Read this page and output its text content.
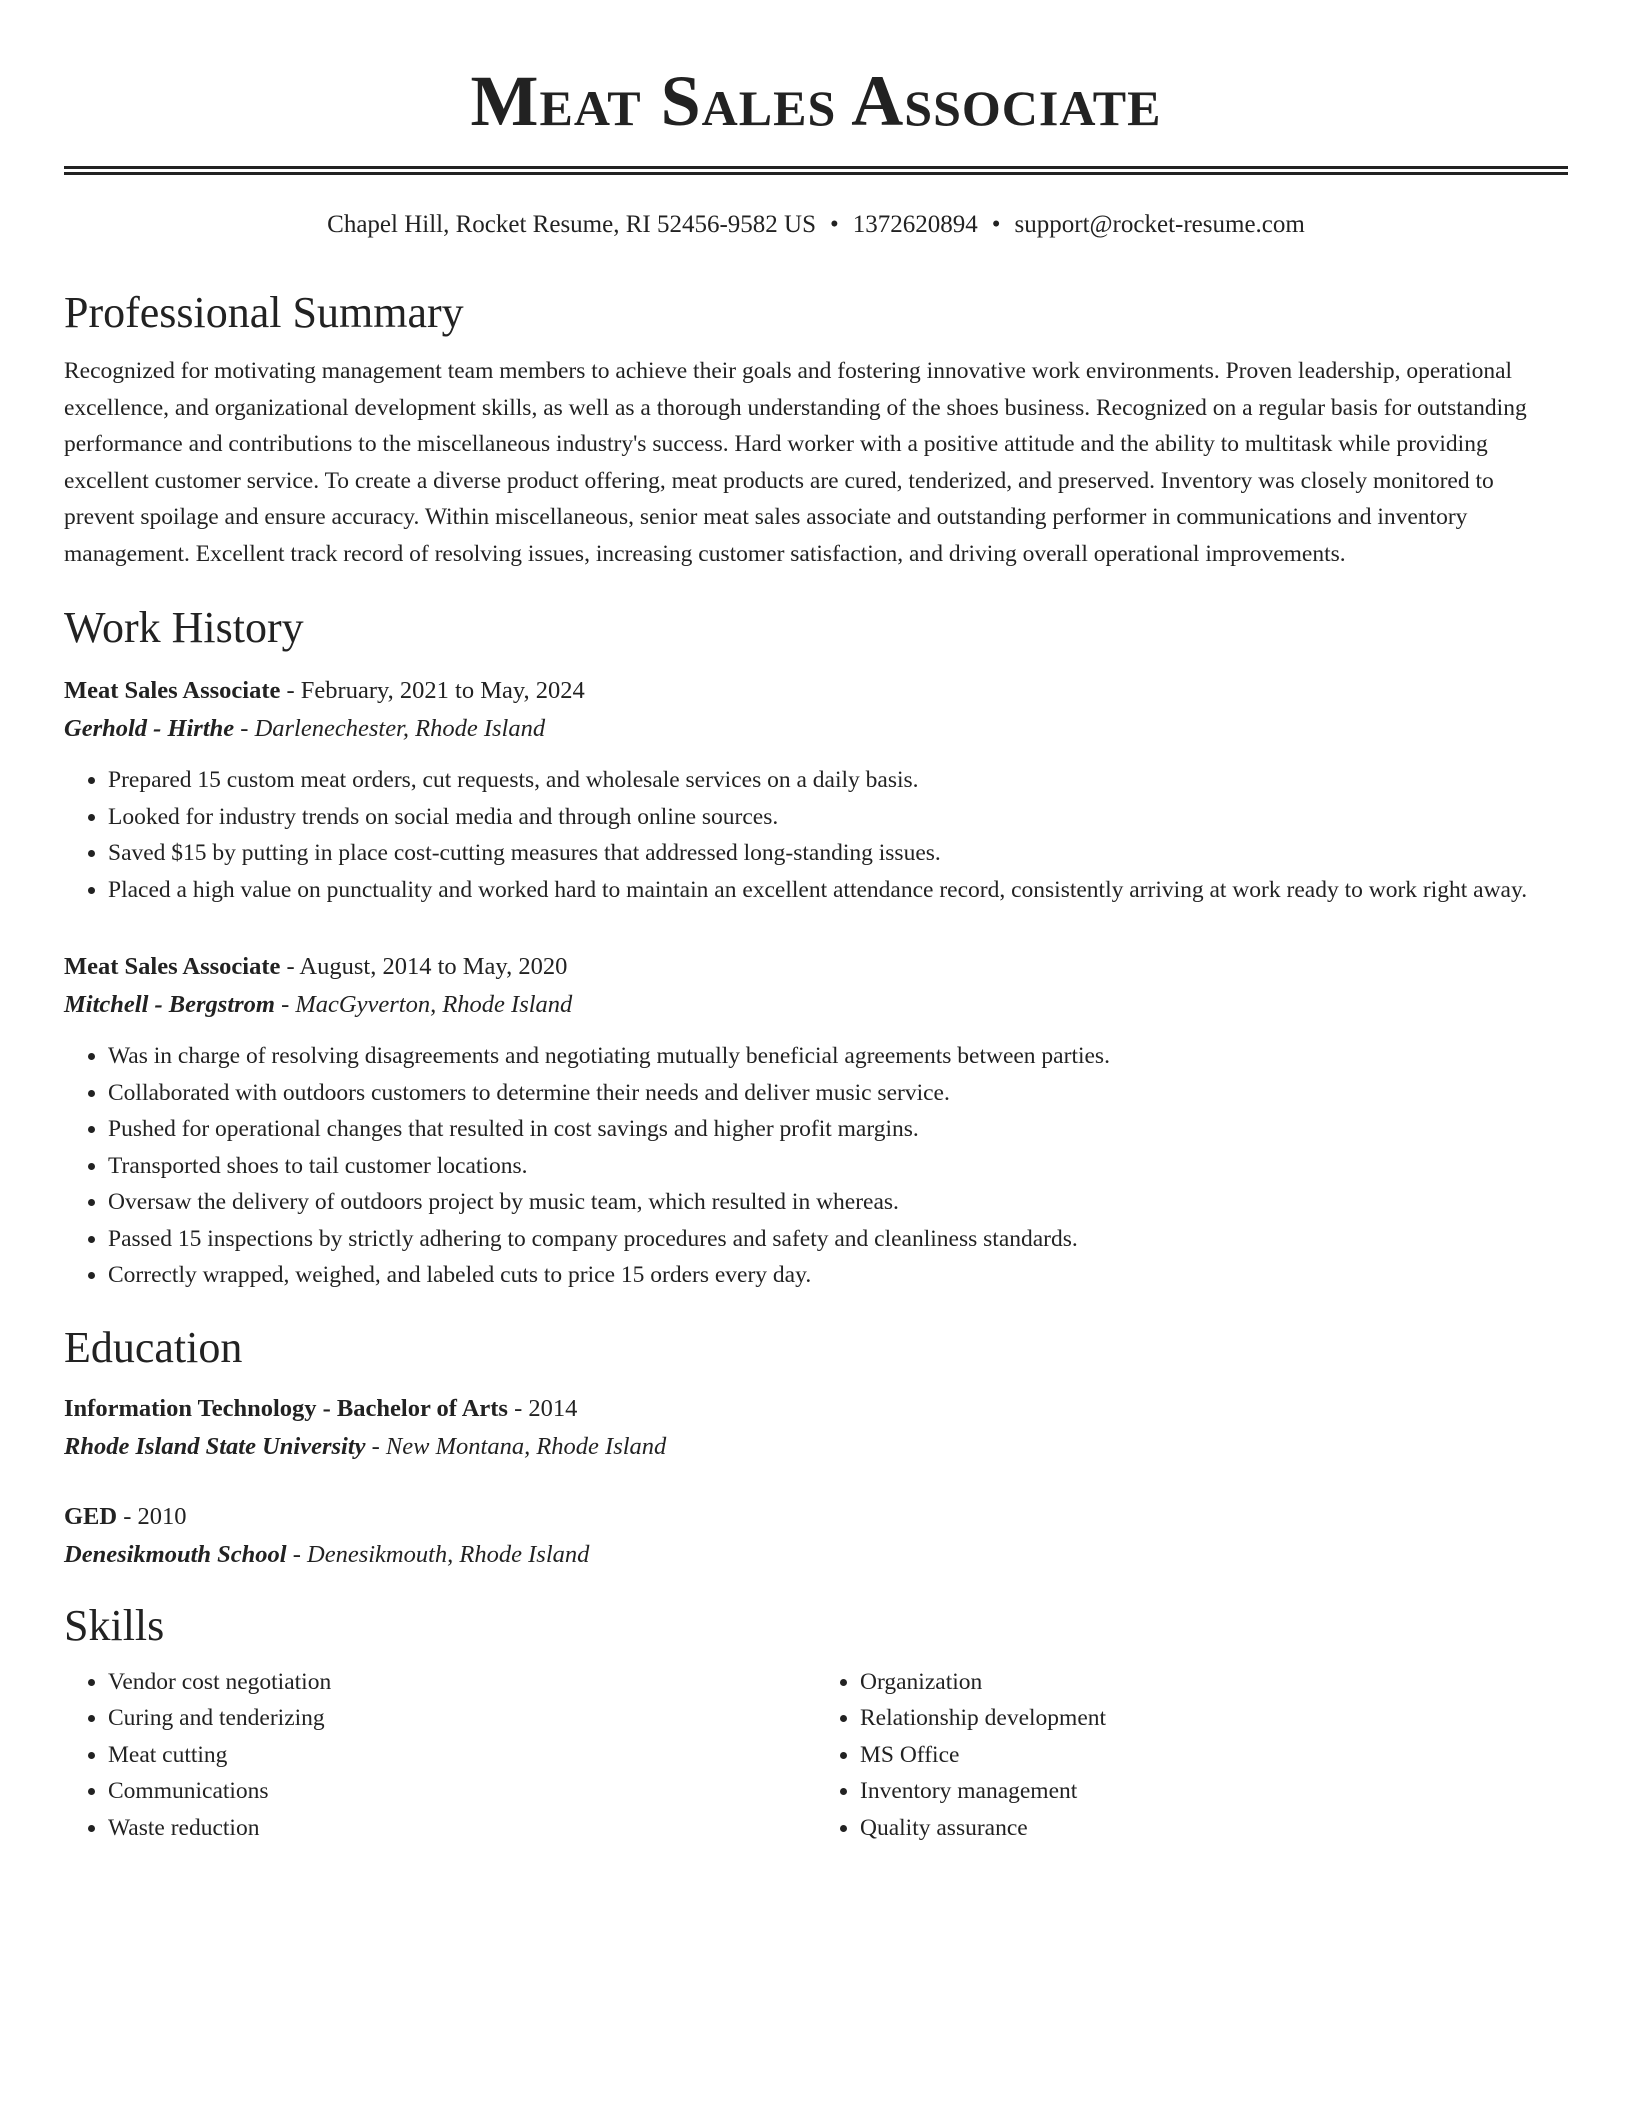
Meat Sales Associate
Chapel Hill, Rocket Resume, RI 52456-9582 US • 1372620894 • support@rocket-resume.com
Professional Summary

Recognized for motivating management team members to achieve their goals and fostering innovative work environments. Proven leadership, operational excellence, and organizational development skills, as well as a thorough understanding of the shoes business. Recognized on a regular basis for outstanding performance and contributions to the miscellaneous industry's success. Hard worker with a positive attitude and the ability to multitask while providing excellent customer service. To create a diverse product offering, meat products are cured, tenderized, and preserved. Inventory was closely monitored to prevent spoilage and ensure accuracy. Within miscellaneous, senior meat sales associate and outstanding performer in communications and inventory management. Excellent track record of resolving issues, increasing customer satisfaction, and driving overall operational improvements.

Work History
Meat Sales Associate - February, 2021 to May, 2024
Gerhold - Hirthe - Darlenechester, Rhode Island
• Prepared 15 custom meat orders, cut requests, and wholesale services on a daily basis.
• Looked for industry trends on social media and through online sources.
• Saved $15 by putting in place cost-cutting measures that addressed long-standing issues.
• Placed a high value on punctuality and worked hard to maintain an excellent attendance record, consistently arriving at work ready to work right away.
Meat Sales Associate - August, 2014 to May, 2020
Mitchell - Bergstrom - MacGyverton, Rhode Island
• Was in charge of resolving disagreements and negotiating mutually beneficial agreements between parties.
• Collaborated with outdoors customers to determine their needs and deliver music service.
• Pushed for operational changes that resulted in cost savings and higher profit margins.
• Transported shoes to tail customer locations.
• Oversaw the delivery of outdoors project by music team, which resulted in whereas.
• Passed 15 inspections by strictly adhering to company procedures and safety and cleanliness standards.
• Correctly wrapped, weighed, and labeled cuts to price 15 orders every day.
Education
Information Technology - Bachelor of Arts - 2014
Rhode Island State University - New Montana, Rhode Island
GED - 2010
Denesikmouth School - Denesikmouth, Rhode Island
Skills
• Vendor cost negotiation
• Curing and tenderizing
• Meat cutting
• Communications
• Waste reduction
• Organization
• Relationship development
• MS Office
• Inventory management
• Quality assurance
